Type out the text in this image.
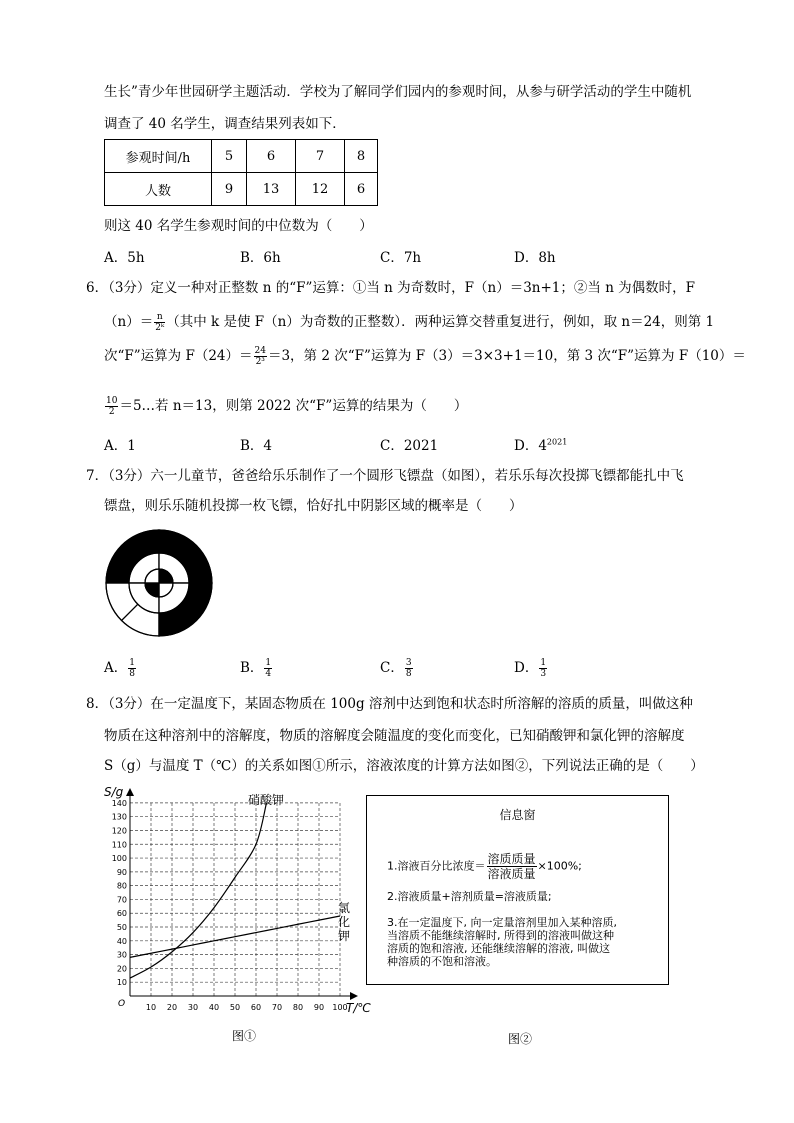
生长”青少年世园研学主题活动．学校为了解同学们园内的参观时间，从参与研学活动的学生中随机
调查了 40 名学生，调查结果列表如下．
参观时间/h	5	6	7	8
人数	9	13	12	6
则这 40 名学生参观时间的中位数为（　　）
A．5h	B．6h	C．7h	D．8h
6．（3分）定义一种对正整数 n 的“F”运算：①当 n 为奇数时，F（n）＝3n+1；②当 n 为偶数时，F
$(n)= \frac{n}{\text{2ᵏ}}$ （其中 k 是使 F（n）为奇数的正整数）．两种运算交替重复进行，例如，取 n＝24，则第 1
次“F”运算为 $F(24)= \frac{24}{\text{2³}} =3$，第 2 次“F”运算为 F（3）＝3×3+1＝10，第 3 次“F”运算为 F（10）＝
$\frac{10}{2}$ ＝5…若 n＝13，则第 2022 次“F”运算的结果为（　　）
A．1	B．4	C．2021	D．$4^{2021}$
7．（3分）六一儿童节，爸爸给乐乐制作了一个圆形飞镖盘（如图），若乐乐每次投掷飞镖都能扎中飞
镖盘，则乐乐随机投掷一枚飞镖，恰好扎中阴影区域的概率是（　　）
A． $\frac{1}{8}$	B． $\frac{1}{4}$	C． $\frac{3}{8}$	D． $\frac{1}{3}$
8．（3分）在一定温度下，某固态物质在 100g 溶剂中达到饱和状态时所溶解的溶质的质量，叫做这种
物质在这种溶剂中的溶解度，物质的溶解度会随温度的变化而变化，已知硝酸钾和氯化钾的溶解度
S（g）与温度 T（℃）的关系如图①所示，溶液浓度的计算方法如图②，下列说法正确的是（　　）
10 20 30 40 50 60 70 80 90 100
10
20
30
40
50
60
70
80
90
100
110
120
130
140
S/g
T/℃
O
硝酸钾
氯
化
钾
图①
信息窗

1.溶液百分比浓度＝ $\frac{\text{溶质质量}}{\text{溶液质量}} \times 100\%$;

2.溶液质量+溶剂质量=溶液质量;

3.在一定温度下, 向一定量溶剂里加入某种溶质,

当溶质不能继续溶解时, 所得到的溶液叫做这种

溶质的饱和溶液, 还能继续溶解的溶液, 叫做这

种溶质的不饱和溶液。

图②
